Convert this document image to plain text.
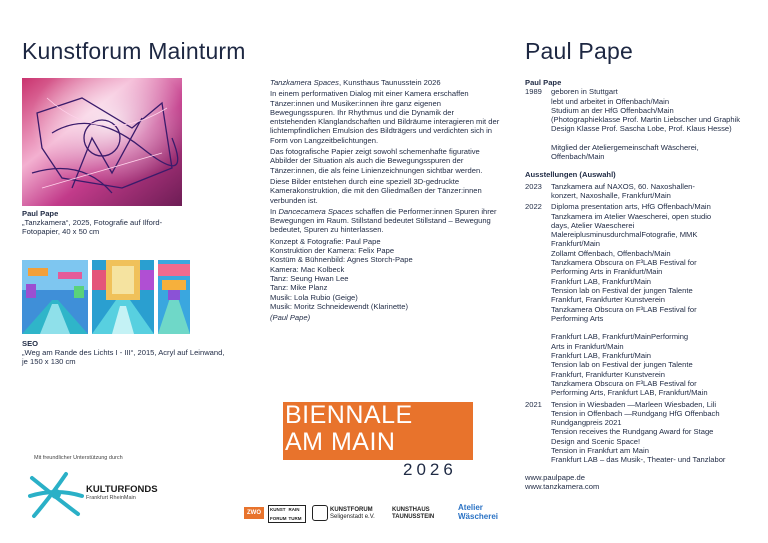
Kunstforum Mainturm
Paul Pape
„Tanzkamera“, 2025, Fotografie auf Ilford-Fotopapier, 40 x 50 cm
SEO
„Weg am Rande des Lichts I - III“, 2015, Acryl auf Leinwand, je 150 x 130 cm
Mit freundlicher Unterstützung durch
KULTURFONDS
Frankfurt RheinMain
Tanzkamera Spaces, Kunsthaus Taunusstein 2026
In einem performativen Dialog mit einer Kamera erschaffen Tänzer:innen und Musiker:innen ihre ganz eigenen Bewegungsspuren. Ihr Rhythmus und die Dynamik der entstehenden Klanglandschaften und Bildräume interagieren mit der lichtempfindlichen Emulsion des Bildträgers und verdichten sich in Form von Langzeitbelichtungen.
Das fotografische Papier zeigt sowohl schemenhafte figurative Abbilder der Situation als auch die Bewegungsspuren der Tänzer:innen, die als feine Linienzeichnungen sichtbar werden.
Diese Bilder entstehen durch eine speziell 3D-gedruckte Kamerakonstruktion, die mit den Gliedmaßen der Tänzer:innen verbunden ist.
In Dancecamera Spaces schaffen die Performer:innen Spuren ihrer Bewegungen im Raum. Stillstand bedeutet Stillstand – Bewegung bedeutet, Spuren zu hinterlassen.
Konzept & Fotografie: Paul Pape
Konstruktion der Kamera: Felix Pape
Kostüm & Bühnenbild: Agnes Storch-Pape
Kamera: Mac Kolbeck
Tanz: Seung Hwan Lee
Tanz: Mike Planz
Musik: Lola Rubio (Geige)
Musik: Moritz Schneidewendt (Klarinette)
(Paul Pape)
BIENNALE
AM MAIN
2026
ZWO
KUNST RAIN
FORUM TURM
KUNSTFORUM
Seligenstadt e.V.
KUNSTHAUS
TAUNUSSTEIN
Atelier
Wäscherei
Paul Pape
Paul Pape
1989	geboren in Stuttgart
lebt und arbeitet in Offenbach/Main
Studium an der HfG Offenbach/Main
(Photographieklasse Prof. Martin Liebscher und Graphik Design Klasse Prof. Sascha Lobe, Prof. Klaus Hesse)
Mitglied der Ateliergemeinschaft Wäscherei, Offenbach/Main
Ausstellungen (Auswahl)
2023	Tanzkamera auf NAXOS, 60. Naxoshallen-
konzert, Naxoshalle, Frankfurt/Main
2022	Diploma presentation arts, HfG Offenbach/Main
Tanzkamera im Atelier Waescherei, open studio
days, Atelier Waescherei
MalereiplusminusdurchmalFotografie, MMK
Frankfurt/Main
Zollamt Offenbach, Offenbach/Main
Tanzkamera Obscura on F³LAB Festival for
Performing Arts in Frankfurt/Main
Frankfurt LAB, Frankfurt/Main
Tension lab on Festival der jungen Talente
Frankfurt, Frankfurter Kunstverein
Tanzkamera Obscura on F³LAB Festival for
Performing Arts
Frankfurt LAB, Frankfurt/MainPerforming
Arts in Frankfurt/Main
Frankfurt LAB, Frankfurt/Main
Tension lab on Festival der jungen Talente
Frankfurt, Frankfurter Kunstverein
Tanzkamera Obscura on F³LAB Festival for
Performing Arts, Frankfurt LAB, Frankfurt/Main
2021	Tension in Wiesbaden —Marleen Wiesbaden, Lili
Tension in Offenbach —Rundgang HfG Offenbach
Rundgangpreis 2021
Tension receives the Rundgang Award for Stage
Design and Scenic Space!
Tension in Frankfurt am Main
Frankfurt LAB – das Musik-, Theater- und Tanzlabor
www.paulpape.de
www.tanzkamera.com
